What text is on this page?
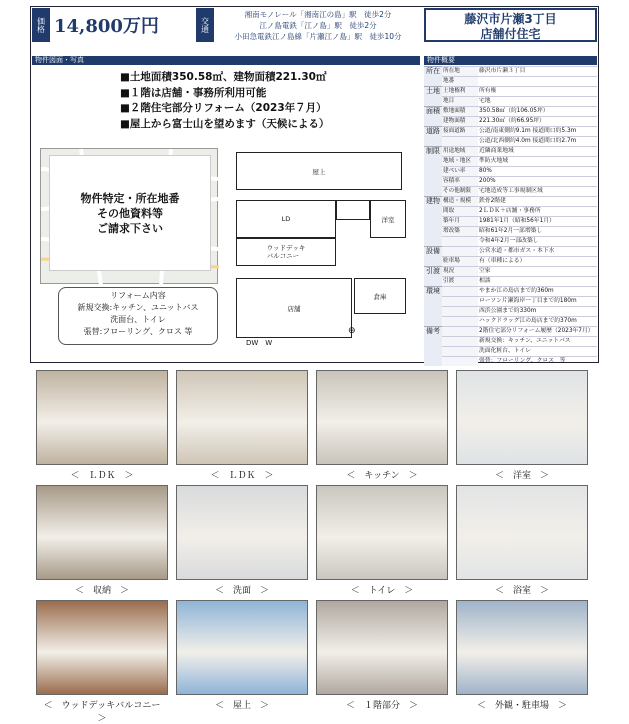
価格 14,800万円	交通
湘南モノレール「湘南江の島」駅　徒歩2分
江ノ島電鉄「江ノ島」駅　徒歩2分
小田急電鉄江ノ島線「片瀬江ノ島」駅　徒歩10分
藤沢市片瀬3丁目
店舗付住宅
物件図面・写真	物件概要
■土地面積350.58㎡、建物面積221.30㎡
■１階は店舗・事務所利用可能
■２階住宅部分リフォーム（2023年７月）
■屋上から富士山を望めます（天候による）
物件特定・所在地番
その他資料等
ご請求下さい
リフォーム内容
新規交換:キッチン、ユニットバス
洗面台、トイレ
張替:フローリング、クロス 等
屋上
LD	洋室
ウッドデッキ
バルコニー
店舗
倉庫
DW　W
⊕
所在	所在地	藤沢市片瀬３丁目
	地番	
土地	土地権利	所有権
	地目	宅地
面積	敷地面積	350.58㎡（約106.05坪）
	建物面積	221.30㎡（約66.95坪）
道路	接面道路	公道/南東側約9.1m 接道間口約5.3m
		公道/北西側約4.0m 接道間口約2.7m
制限	用途地域	近隣商業地域
	地域・地区	準防火地域
	建ぺい率	80%
	容積率	200%
	その他制限	宅地造成等工事規制区域
建物	構造・規模	鉄骨2階建
	間取	2ＬＤＫ＋店舗・事務所
	築年月	1981年1月（昭和56年1月）
	増改築	昭和61年2月一部増築し
		令和4年2月一部改築し
設備		公営水道・都市ガス・本下水
	駐車場	有（車種による）
引渡	現況	空家
	引渡	相談
環境		やまか江の島店まで約360m
		ローソン片瀬海岸一丁目まで約180m
		西浜公園まで約330m
		ハックドラッグ江の島店まで約370m
備考		2階住宅部分リフォーム履歴（2023年7月）
		新規交換：キッチン、ユニットバス
		洗面化粧台、トイレ
		張替：フローリング、クロス　等
＜　ＬＤＫ　＞	＜　ＬＤＫ　＞	＜　キッチン　＞	＜　洋室　＞
＜　収納　＞	＜　洗面　＞	＜　トイレ　＞	＜　浴室　＞
＜　ウッドデッキバルコニー　＞
＜　屋上　＞	＜　１階部分　＞	＜　外観・駐車場　＞
